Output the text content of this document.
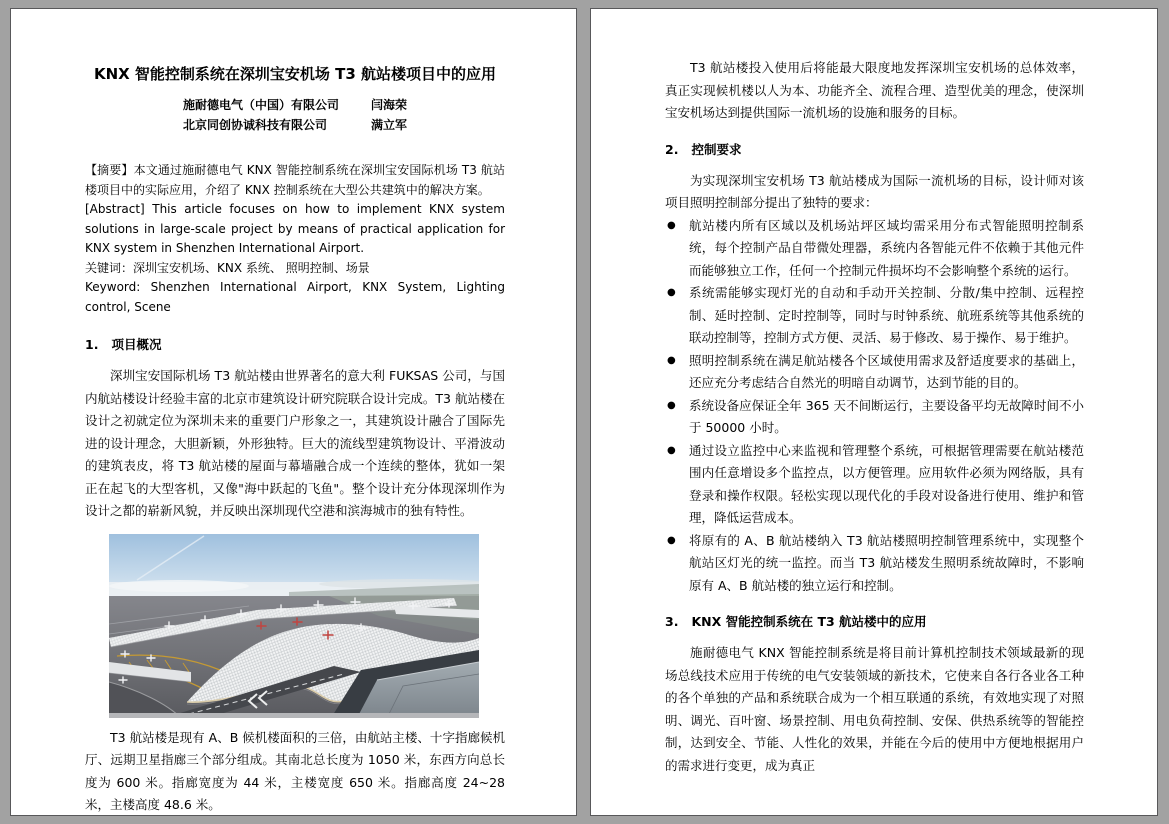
KNX 智能控制系统在深圳宝安机场 T3 航站楼项目中的应用
施耐德电气（中国）有限公司	闫海荣
北京同创协诚科技有限公司	满立军

【摘要】本文通过施耐德电气 KNX 智能控制系统在深圳宝安国际机场 T3 航站楼项目中的实际应用，介绍了 KNX 控制系统在大型公共建筑中的解决方案。

[Abstract] This article focuses on how to implement KNX system solutions in large-scale project by means of practical application for KNX system in Shenzhen International Airport.

关键词：深圳宝安机场、KNX 系统、 照明控制、场景

Keyword: Shenzhen International Airport, KNX System, Lighting control, Scene

1. 项目概况

深圳宝安国际机场 T3 航站楼由世界著名的意大利 FUKSAS 公司，与国内航站楼设计经验丰富的北京市建筑设计研究院联合设计完成。T3 航站楼在设计之初就定位为深圳未来的重要门户形象之一，其建筑设计融合了国际先进的设计理念，大胆新颖，外形独特。巨大的流线型建筑物设计、平滑波动的建筑表皮，将 T3 航站楼的屋面与幕墙融合成一个连续的整体，犹如一架正在起飞的大型客机，又像"海中跃起的飞鱼"。整个设计充分体现深圳作为设计之都的崭新风貌，并反映出深圳现代空港和滨海城市的独有特性。

T3 航站楼是现有 A、B 候机楼面积的三倍，由航站主楼、十字指廊候机厅、远期卫星指廊三个部分组成。其南北总长度为 1050 米，东西方向总长度为 600 米。指廊宽度为 44 米，主楼宽度 650 米。指廊高度 24~28 米，主楼高度 48.6 米。

T3 航站楼投入使用后将能最大限度地发挥深圳宝安机场的总体效率，真正实现候机楼以人为本、功能齐全、流程合理、造型优美的理念，使深圳宝安机场达到提供国际一流机场的设施和服务的目标。

2. 控制要求

为实现深圳宝安机场 T3 航站楼成为国际一流机场的目标，设计师对该项目照明控制部分提出了独特的要求：

● 航站楼内所有区域以及机场站坪区域均需采用分布式智能照明控制系统，每个控制产品自带微处理器，系统内各智能元件不依赖于其他元件而能够独立工作，任何一个控制元件损坏均不会影响整个系统的运行。
● 系统需能够实现灯光的自动和手动开关控制、分散/集中控制、远程控制、延时控制、定时控制等，同时与时钟系统、航班系统等其他系统的联动控制等，控制方式方便、灵活、易于修改、易于操作、易于维护。
● 照明控制系统在满足航站楼各个区域使用需求及舒适度要求的基础上，还应充分考虑结合自然光的明暗自动调节，达到节能的目的。
● 系统设备应保证全年 365 天不间断运行，主要设备平均无故障时间不小于 50000 小时。
● 通过设立监控中心来监视和管理整个系统，可根据管理需要在航站楼范围内任意增设多个监控点，以方便管理。应用软件必须为网络版，具有登录和操作权限。轻松实现以现代化的手段对设备进行使用、维护和管理，降低运营成本。
● 将原有的 A、B 航站楼纳入 T3 航站楼照明控制管理系统中，实现整个航站区灯光的统一监控。而当 T3 航站楼发生照明系统故障时，不影响原有 A、B 航站楼的独立运行和控制。
3. KNX 智能控制系统在 T3 航站楼中的应用

施耐德电气 KNX 智能控制系统是将目前计算机控制技术领域最新的现场总线技术应用于传统的电气安装领域的新技术，它使来自各行各业各工种的各个单独的产品和系统联合成为一个相互联通的系统，有效地实现了对照明、调光、百叶窗、场景控制、用电负荷控制、安保、供热系统等的智能控制，达到安全、节能、人性化的效果，并能在今后的使用中方便地根据用户的需求进行变更，成为真正
